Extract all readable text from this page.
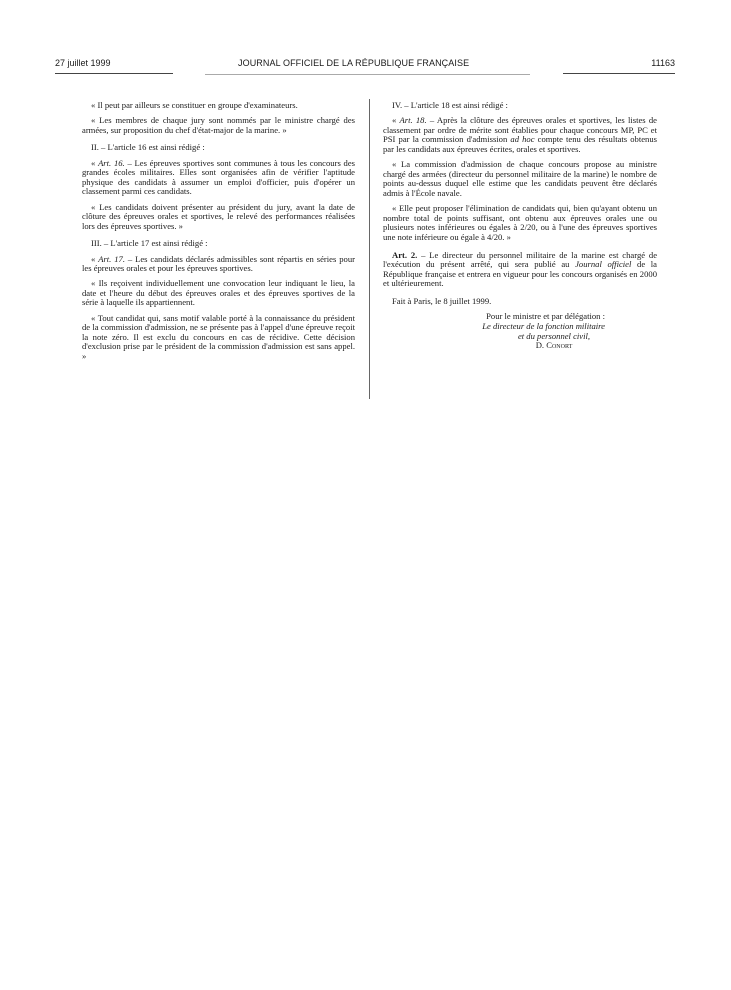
27 juillet 1999	JOURNAL OFFICIEL DE LA RÉPUBLIQUE FRANÇAISE	11163

« Il peut par ailleurs se constituer en groupe d'examinateurs.

« Les membres de chaque jury sont nommés par le ministre chargé des armées, sur proposition du chef d'état-major de la marine. »

II. – L'article 16 est ainsi rédigé :

« Art. 16. – Les épreuves sportives sont communes à tous les concours des grandes écoles militaires. Elles sont organisées afin de vérifier l'aptitude physique des candidats à assumer un emploi d'officier, puis d'opérer un classement parmi ces candidats.

« Les candidats doivent présenter au président du jury, avant la date de clôture des épreuves orales et sportives, le relevé des performances réalisées lors des épreuves sportives. »

III. – L'article 17 est ainsi rédigé :

« Art. 17. – Les candidats déclarés admissibles sont répartis en séries pour les épreuves orales et pour les épreuves sportives.

« Ils reçoivent individuellement une convocation leur indiquant le lieu, la date et l'heure du début des épreuves orales et des épreuves sportives de la série à laquelle ils appartiennent.

« Tout candidat qui, sans motif valable porté à la connaissance du président de la commission d'admission, ne se présente pas à l'appel d'une épreuve reçoit la note zéro. Il est exclu du concours en cas de récidive. Cette décision d'exclusion prise par le président de la commission d'admission est sans appel. »

IV. – L'article 18 est ainsi rédigé :

« Art. 18. – Après la clôture des épreuves orales et sportives, les listes de classement par ordre de mérite sont établies pour chaque concours MP, PC et PSI par la commission d'admission ad hoc compte tenu des résultats obtenus par les candidats aux épreuves écrites, orales et sportives.

« La commission d'admission de chaque concours propose au ministre chargé des armées (directeur du personnel militaire de la marine) le nombre de points au-dessus duquel elle estime que les candidats peuvent être déclarés admis à l'École navale.

« Elle peut proposer l'élimination de candidats qui, bien qu'ayant obtenu un nombre total de points suffisant, ont obtenu aux épreuves orales une ou plusieurs notes inférieures ou égales à 2/20, ou à l'une des épreuves sportives une note inférieure ou égale à 4/20. »

Art. 2. – Le directeur du personnel militaire de la marine est chargé de l'exécution du présent arrêté, qui sera publié au Journal officiel de la République française et entrera en vigueur pour les concours organisés en 2000 et ultérieurement.

Fait à Paris, le 8 juillet 1999.

Pour le ministre et par délégation :
Le directeur de la fonction militaire
et du personnel civil,
D. Conort
